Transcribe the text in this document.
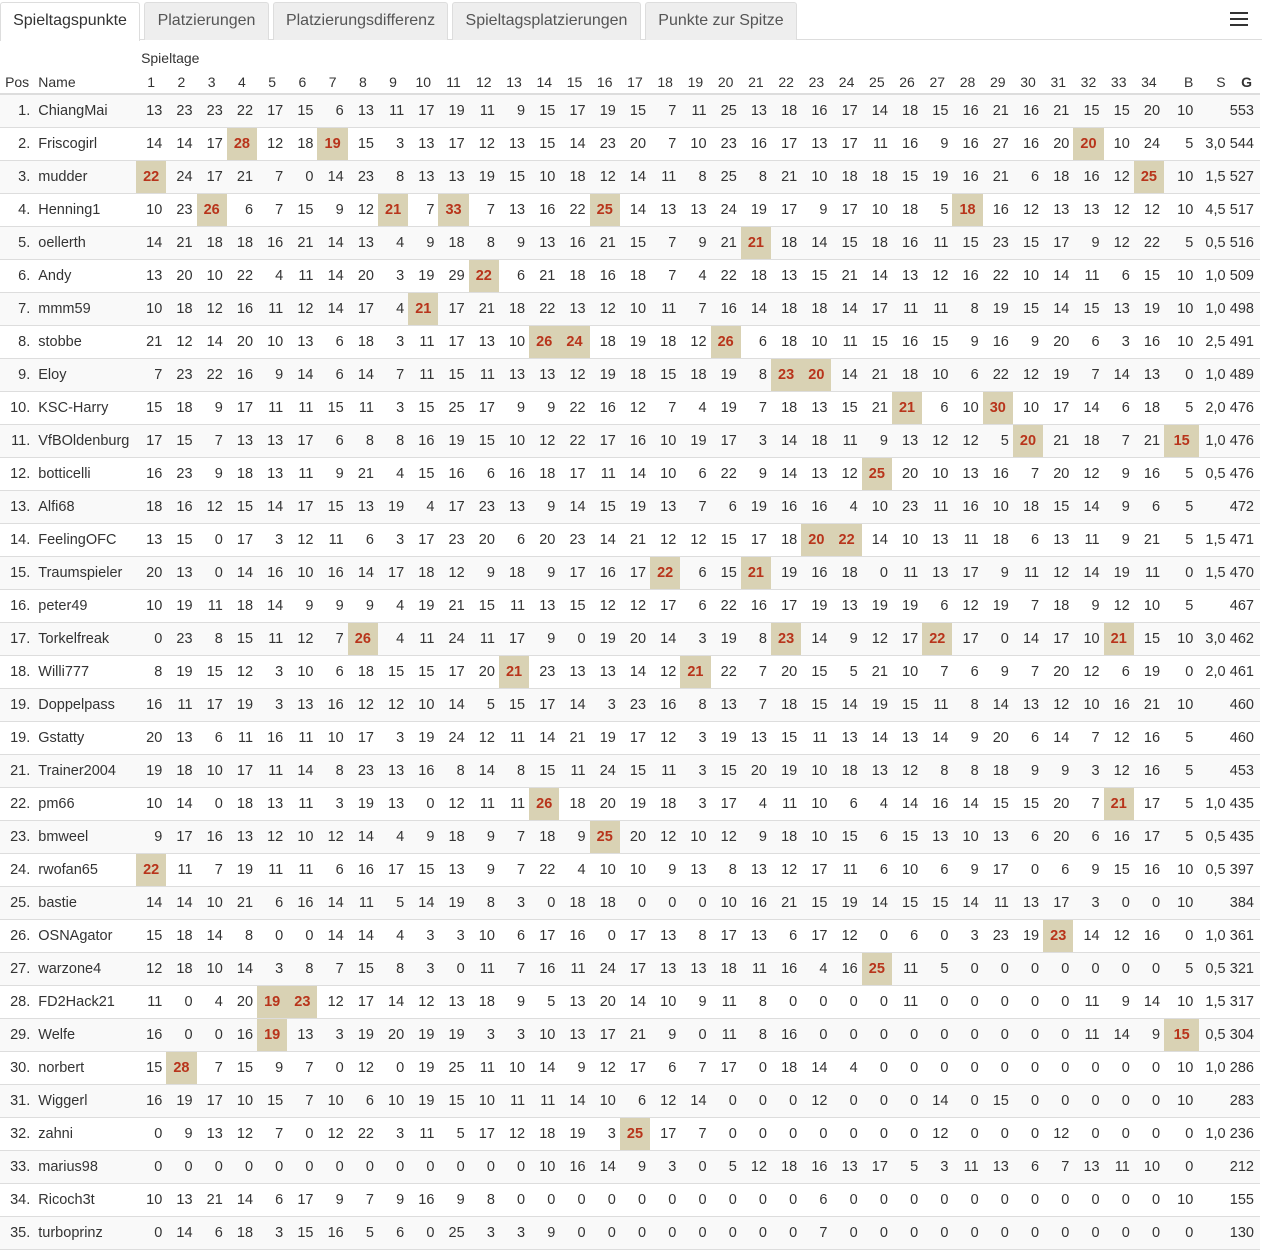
Spieltagspunkte	Platzierungen	Platzierungsdifferenz	Spieltagsplatzierungen	Punkte zur Spitze
		Spieltage																																				
Pos	Name	1	2	3	4	5	6	7	8	9	10	11	12	13	14	15	16	17	18	19	20	21	22	23	24	25	26	27	28	29	30	31	32	33	34	B	S	G
1.	ChiangMai	13	23	23	22	17	15	6	13	11	17	19	11	9	15	17	19	15	7	11	25	13	18	16	17	14	18	15	16	21	16	21	15	15	20	10		553
2.	Friscogirl	14	14	17	28	12	18	19	15	3	13	17	12	13	15	14	23	20	7	10	23	16	17	13	17	11	16	9	16	27	16	20	20	10	24	5	3,0	544
3.	mudder	22	24	17	21	7	0	14	23	8	13	13	19	15	10	18	12	14	11	8	25	8	21	10	18	18	15	19	16	21	6	18	16	12	25	10	1,5	527
4.	Henning1	10	23	26	6	7	15	9	12	21	7	33	7	13	16	22	25	14	13	13	24	19	17	9	17	10	18	5	18	16	12	13	13	12	12	10	4,5	517
5.	oellerth	14	21	18	18	16	21	14	13	4	9	18	8	9	13	16	21	15	7	9	21	21	18	14	15	18	16	11	15	23	15	17	9	12	22	5	0,5	516
6.	Andy	13	20	10	22	4	11	14	20	3	19	29	22	6	21	18	16	18	7	4	22	18	13	15	21	14	13	12	16	22	10	14	11	6	15	10	1,0	509
7.	mmm59	10	18	12	16	11	12	14	17	4	21	17	21	18	22	13	12	10	11	7	16	14	18	18	14	17	11	11	8	19	15	14	15	13	19	10	1,0	498
8.	stobbe	21	12	14	20	10	13	6	18	3	11	17	13	10	26	24	18	19	18	12	26	6	18	10	11	15	16	15	9	16	9	20	6	3	16	10	2,5	491
9.	Eloy	7	23	22	16	9	14	6	14	7	11	15	11	13	13	12	19	18	15	18	19	8	23	20	14	21	18	10	6	22	12	19	7	14	13	0	1,0	489
10.	KSC-Harry	15	18	9	17	11	11	15	11	3	15	25	17	9	9	22	16	12	7	4	19	7	18	13	15	21	21	6	10	30	10	17	14	6	18	5	2,0	476
11.	VfBOldenburg	17	15	7	13	13	17	6	8	8	16	19	15	10	12	22	17	16	10	19	17	3	14	18	11	9	13	12	12	5	20	21	18	7	21	15	1,0	476
12.	botticelli	16	23	9	18	13	11	9	21	4	15	16	6	16	18	17	11	14	10	6	22	9	14	13	12	25	20	10	13	16	7	20	12	9	16	5	0,5	476
13.	Alfi68	18	16	12	15	14	17	15	13	19	4	17	23	13	9	14	15	19	13	7	6	19	16	16	4	10	23	11	16	10	18	15	14	9	6	5		472
14.	FeelingOFC	13	15	0	17	3	12	11	6	3	17	23	20	6	20	23	14	21	12	12	15	17	18	20	22	14	10	13	11	18	6	13	11	9	21	5	1,5	471
15.	Traumspieler	20	13	0	14	16	10	16	14	17	18	12	9	18	9	17	16	17	22	6	15	21	19	16	18	0	11	13	17	9	11	12	14	19	11	0	1,5	470
16.	peter49	10	19	11	18	14	9	9	9	4	19	21	15	11	13	15	12	12	17	6	22	16	17	19	13	19	19	6	12	19	7	18	9	12	10	5		467
17.	Torkelfreak	0	23	8	15	11	12	7	26	4	11	24	11	17	9	0	19	20	14	3	19	8	23	14	9	12	17	22	17	0	14	17	10	21	15	10	3,0	462
18.	Willi777	8	19	15	12	3	10	6	18	15	15	17	20	21	23	13	13	14	12	21	22	7	20	15	5	21	10	7	6	9	7	20	12	6	19	0	2,0	461
19.	Doppelpass	16	11	17	19	3	13	16	12	12	10	14	5	15	17	14	3	23	16	8	13	7	18	15	14	19	15	11	8	14	13	12	10	16	21	10		460
19.	Gstatty	20	13	6	11	16	11	10	17	3	19	24	12	11	14	21	19	17	12	3	19	13	15	11	13	14	13	14	9	20	6	14	7	12	16	5		460
21.	Trainer2004	19	18	10	17	11	14	8	23	13	16	8	14	8	15	11	24	15	11	3	15	20	19	10	18	13	12	8	8	18	9	9	3	12	16	5		453
22.	pm66	10	14	0	18	13	11	3	19	13	0	12	11	11	26	18	20	19	18	3	17	4	11	10	6	4	14	16	14	15	15	20	7	21	17	5	1,0	435
23.	bmweel	9	17	16	13	12	10	12	14	4	9	18	9	7	18	9	25	20	12	10	12	9	18	10	15	6	15	13	10	13	6	20	6	16	17	5	0,5	435
24.	rwofan65	22	11	7	19	11	11	6	16	17	15	13	9	7	22	4	10	10	9	13	8	13	12	17	11	6	10	6	9	17	0	6	9	15	16	10	0,5	397
25.	bastie	14	14	10	21	6	16	14	11	5	14	19	8	3	0	18	18	0	0	0	10	16	21	15	19	14	15	15	14	11	13	17	3	0	0	10		384
26.	OSNAgator	15	18	14	8	0	0	14	14	4	3	3	10	6	17	16	0	17	13	8	17	13	6	17	12	0	6	0	3	23	19	23	14	12	16	0	1,0	361
27.	warzone4	12	18	10	14	3	8	7	15	8	3	0	11	7	16	11	24	17	13	13	18	11	16	4	16	25	11	5	0	0	0	0	0	0	0	5	0,5	321
28.	FD2Hack21	11	0	4	20	19	23	12	17	14	12	13	18	9	5	13	20	14	10	9	11	8	0	0	0	0	11	0	0	0	0	0	11	9	14	10	1,5	317
29.	Welfe	16	0	0	16	19	13	3	19	20	19	19	3	3	10	13	17	21	9	0	11	8	16	0	0	0	0	0	0	0	0	0	11	14	9	15	0,5	304
30.	norbert	15	28	7	15	9	7	0	12	0	19	25	11	10	14	9	12	17	6	7	17	0	18	14	4	0	0	0	0	0	0	0	0	0	0	10	1,0	286
31.	Wiggerl	16	19	17	10	15	7	10	6	10	19	15	10	11	11	14	10	6	12	14	0	0	0	12	0	0	0	14	0	15	0	0	0	0	0	10		283
32.	zahni	0	9	13	12	7	0	12	22	3	11	5	17	12	18	19	3	25	17	7	0	0	0	0	0	0	0	12	0	0	0	12	0	0	0	0	1,0	236
33.	marius98	0	0	0	0	0	0	0	0	0	0	0	0	0	10	16	14	9	3	0	5	12	18	16	13	17	5	3	11	13	6	7	13	11	10	0		212
34.	Ricoch3t	10	13	21	14	6	17	9	7	9	16	9	8	0	0	0	0	0	0	0	0	0	0	6	0	0	0	0	0	0	0	0	0	0	0	10		155
35.	turboprinz	0	14	6	18	3	15	16	5	6	0	25	3	3	9	0	0	0	0	0	0	0	0	7	0	0	0	0	0	0	0	0	0	0	0	0		130
